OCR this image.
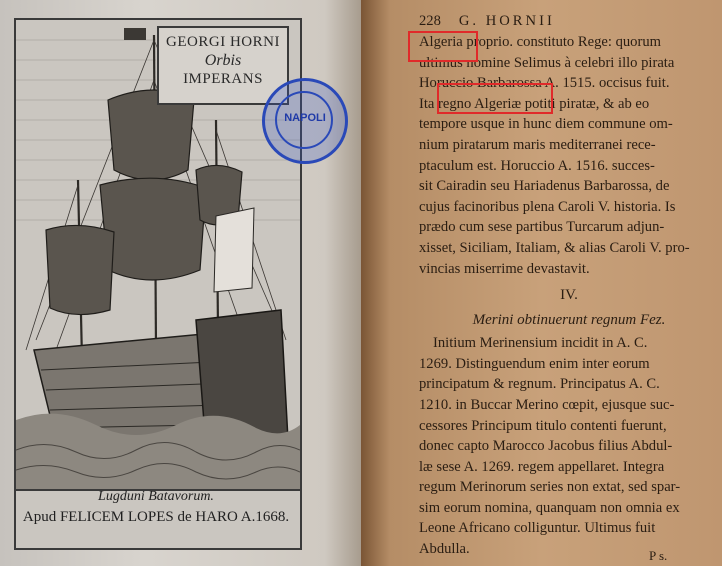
GEORGI HORNI
Orbis
IMPERANS
Lugduni Batavorum.
Apud FELICEM LOPES de HARO A.1668.
NAPOLI
228 G. HORNII
Algeria proprio. constituto Rege: quorum
ultimus nomine Selimus à celebri illo pirata
Horuccio Barbarossa A. 1515. occisus fuit.
Ita regno Algeriæ potiti piratæ, & ab eo
tempore usque in hunc diem commune om-
nium piratarum maris mediterranei rece-
ptaculum est. Horuccio A. 1516. succes-
sit Cairadin seu Hariadenus Barbarossa, de
cujus facinoribus plena Caroli V. historia. Is
prædo cum sese partibus Turcarum adjun-
xisset, Siciliam, Italiam, & alias Caroli V. pro-
vincias miserrime devastavit.
IV.
Merini obtinuerunt regnum Fez.
Initium Merinensium incidit in A. C.
1269. Distinguendum enim inter eorum
principatum & regnum. Principatus A. C.
1210. in Buccar Merino cœpit, ejusque suc-
cessores Principum titulo contenti fuerunt,
donec capto Marocco Jacobus filius Abdul-
læ sese A. 1269. regem appellaret. Integra
regum Merinorum series non extat, sed spar-
sim eorum nomina, quanquam non omnia ex
Leone Africano colliguntur. Ultimus fuit
Abdulla.	P s.
